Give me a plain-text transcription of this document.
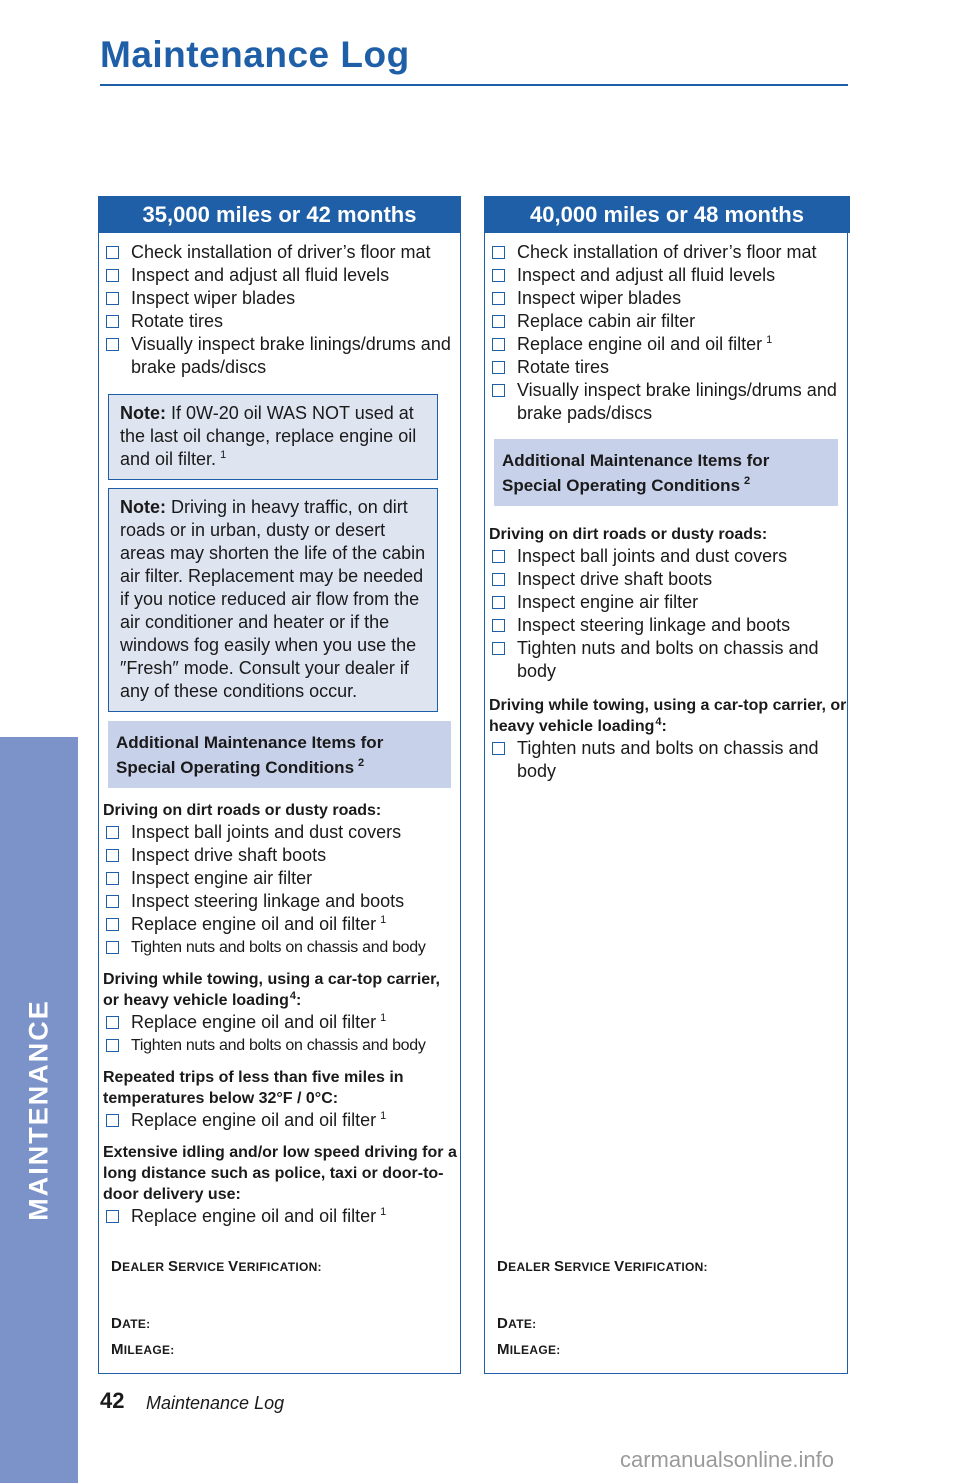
Maintenance Log
MAINTENANCE
35,000 miles or 42 months
Check installation of driver’s floor mat
Inspect and adjust all fluid levels
Inspect wiper blades
Rotate tires
Visually inspect brake linings/drums and brake pads/discs
Note: If 0W-20 oil WAS NOT used at the last oil change, replace engine oil and oil filter. $^1$
Note: Driving in heavy traffic, on dirt roads or in urban, dusty or desert areas may shorten the life of the cabin air filter. Replacement may be needed if you notice reduced air flow from the air conditioner and heater or if the windows fog easily when you use the ″Fresh″ mode. Consult your dealer if any of these conditions occur.
Additional Maintenance Items for Special Operating Conditions $^2$
Driving on dirt roads or dusty roads:
Inspect ball joints and dust covers
Inspect drive shaft boots
Inspect engine air filter
Inspect steering linkage and boots
Replace engine oil and oil filter $^1$
Tighten nuts and bolts on chassis and body
Driving while towing, using a car-top carrier, or heavy vehicle loading$^4$:
Replace engine oil and oil filter $^1$
Tighten nuts and bolts on chassis and body
Repeated trips of less than five miles in temperatures below 32°F / 0°C:
Replace engine oil and oil filter $^1$
Extensive idling and/or low speed driving for a long distance such as police, taxi or door-to-door delivery use:
Replace engine oil and oil filter $^1$
DEALER SERVICE VERIFICATION:
DATE:
MILEAGE:
40,000 miles or 48 months
Check installation of driver’s floor mat
Inspect and adjust all fluid levels
Inspect wiper blades
Replace cabin air filter
Replace engine oil and oil filter $^1$
Rotate tires
Visually inspect brake linings/drums and brake pads/discs
Additional Maintenance Items for Special Operating Conditions $^2$
Driving on dirt roads or dusty roads:
Inspect ball joints and dust covers
Inspect drive shaft boots
Inspect engine air filter
Inspect steering linkage and boots
Tighten nuts and bolts on chassis and body
Driving while towing, using a car-top carrier, or heavy vehicle loading$^4$:
Tighten nuts and bolts on chassis and body
DEALER SERVICE VERIFICATION:
DATE:
MILEAGE:
42 Maintenance Log
carmanualsonline.info
